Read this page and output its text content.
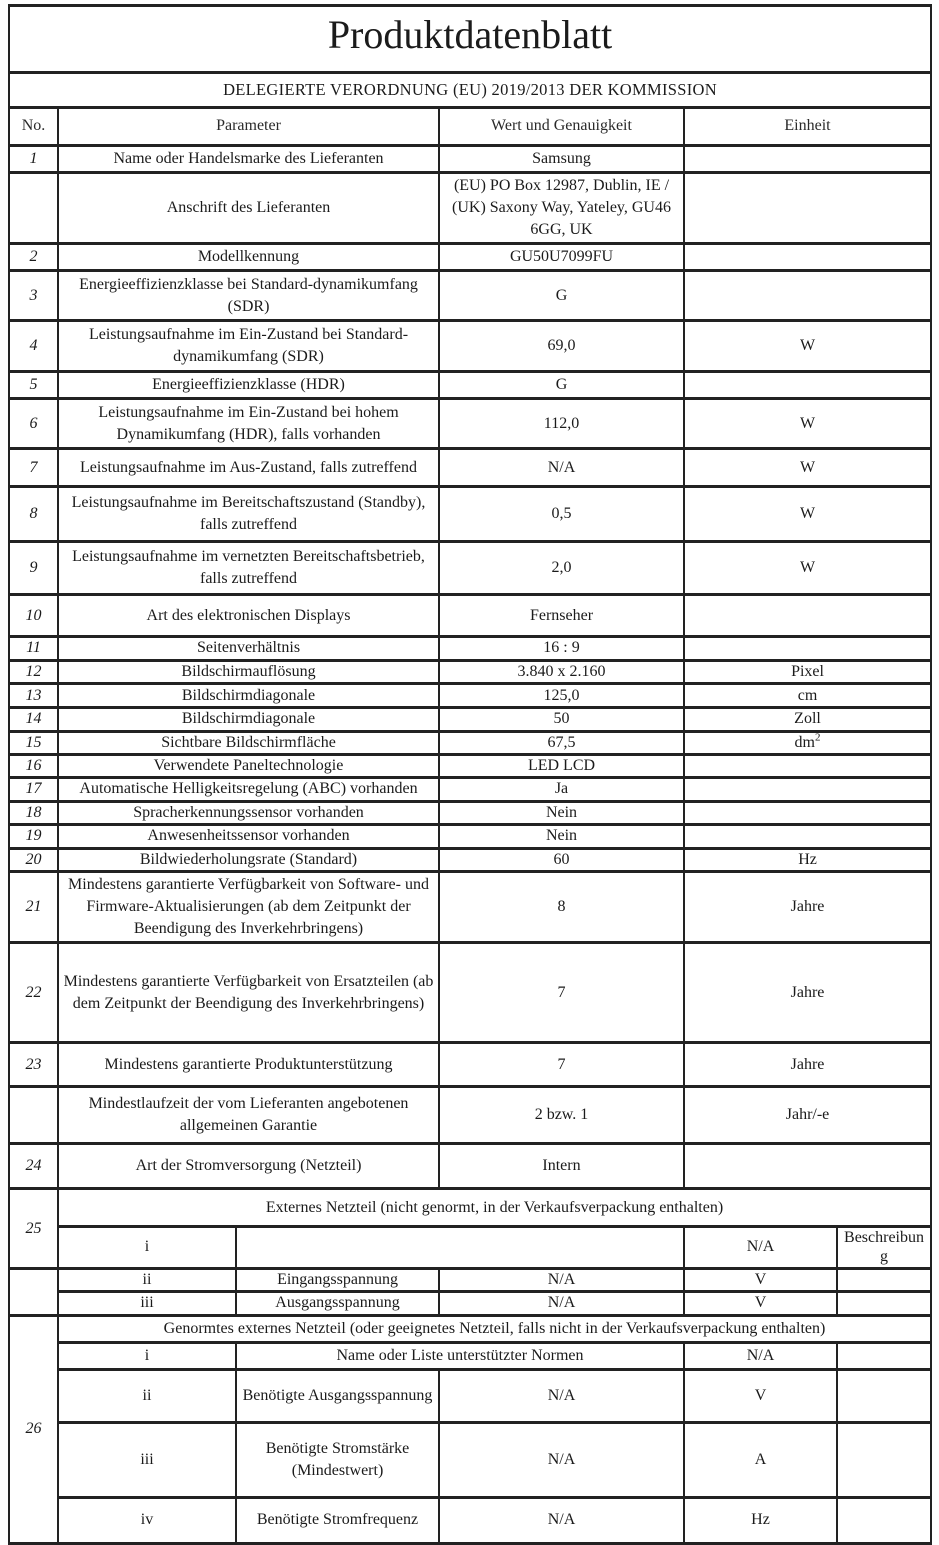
Produktdatenblatt					
DELEGIERTE VERORDNUNG (EU) 2019/2013 DER KOMMISSION					
No.	Parameter		Wert und Genauigkeit	Einheit	
1	Name oder Handelsmarke des Lieferanten		Samsung		
	Anschrift des Lieferanten		(EU) PO Box 12987, Dublin, IE / (UK) Saxony Way, Yateley, GU46 6GG, UK		
2	Modellkennung		GU50U7099FU		
3	Energieeffizienzklasse bei Standard-dynamikumfang (SDR)		G		
4	Leistungsaufnahme im Ein-Zustand bei Standard-dynamikumfang (SDR)		69,0	W	
5	Energieeffizienzklasse (HDR)		G		
6	Leistungsaufnahme im Ein-Zustand bei hohem Dynamikumfang (HDR), falls vorhanden		112,0	W	
7	Leistungsaufnahme im Aus-Zustand, falls zutreffend		N/A	W	
8	Leistungsaufnahme im Bereitschaftszustand (Standby), falls zutreffend		0,5	W	
9	Leistungsaufnahme im vernetzten Bereitschaftsbetrieb, falls zutreffend		2,0	W	
10	Art des elektronischen Displays		Fernseher		
11	Seitenverhältnis		16 : 9		
12	Bildschirmauflösung		3.840 x 2.160	Pixel	
13	Bildschirmdiagonale		125,0	cm	
14	Bildschirmdiagonale		50	Zoll	
15	Sichtbare Bildschirmfläche		67,5	$dm^2$
16	Verwendete Paneltechnologie		LED LCD		
17	Automatische Helligkeitsregelung (ABC) vorhanden		Ja		
18	Spracherkennungssensor vorhanden		Nein		
19	Anwesenheitssensor vorhanden		Nein		
20	Bildwiederholungsrate (Standard)		60	Hz	
21	Mindestens garantierte Verfügbarkeit von Software- und Firmware-Aktualisierungen (ab dem Zeitpunkt der Beendigung des Inverkehrbringens)		8	Jahre	
22	Mindestens garantierte Verfügbarkeit von Ersatzteilen (ab dem Zeitpunkt der Beendigung des Inverkehrbringens)		7	Jahre	
23	Mindestens garantierte Produktunterstützung		7	Jahre	
	Mindestlaufzeit der vom Lieferanten angebotenen allgemeinen Garantie		2 bzw. 1	Jahr/-e	
24	Art der Stromversorgung (Netzteil)		Intern		
25	Externes Netzteil (nicht genormt, in der Verkaufsverpackung enthalten)				
	i			N/A	Beschreibung
	ii	Eingangsspannung	N/A	V	
	iii	Ausgangsspannung	N/A	V	
26	Genormtes externes Netzteil (oder geeignetes Netzteil, falls nicht in der Verkaufsverpackung enthalten)				
	i	Name oder Liste unterstützter Normen		N/A	
	ii	Benötigte Ausgangsspannung	N/A	V	
	iii	Benötigte Stromstärke (Mindestwert)	N/A	A	
	iv	Benötigte Stromfrequenz	N/A	Hz	
